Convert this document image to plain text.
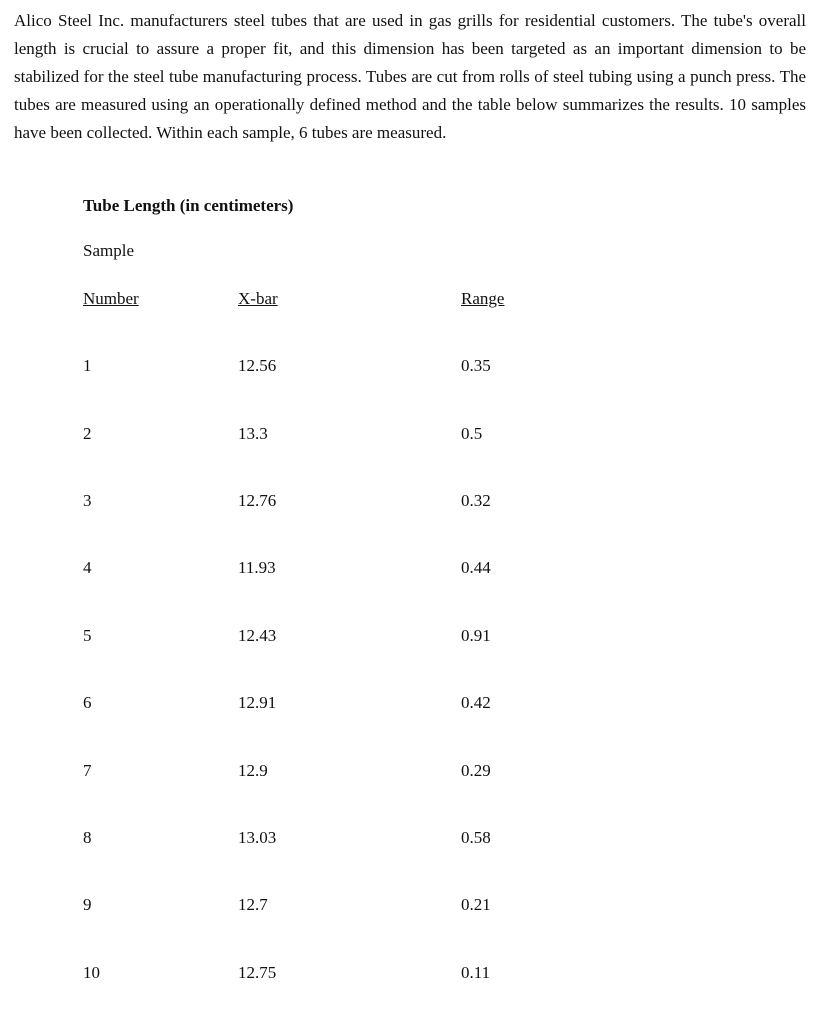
Alico Steel Inc. manufacturers steel tubes that are used in gas grills for residential customers. The tube's overall length is crucial to assure a proper fit, and this dimension has been targeted as an important dimension to be stabilized for the steel tube manufacturing process. Tubes are cut from rolls of steel tubing using a punch press. The tubes are measured using an operationally defined method and the table below summarizes the results. 10 samples have been collected. Within each sample, 6 tubes are measured.

Tube Length (in centimeters)
Sample
Number	X-bar	Range
1	12.56	0.35
2	13.3	0.5
3	12.76	0.32
4	11.93	0.44
5	12.43	0.91
6	12.91	0.42
7	12.9	0.29
8	13.03	0.58
9	12.7	0.21
10	12.75	0.11
